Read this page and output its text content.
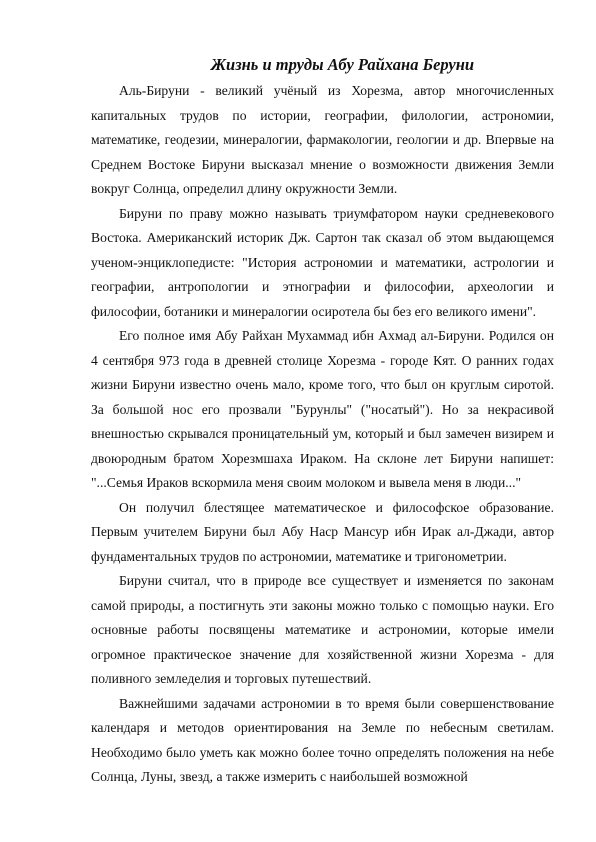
Жизнь и труды Абу Райхана Беруни

Аль-Бируни - великий учёный из Хорезма, автор многочисленных капитальных трудов по истории, географии, филологии, астрономии, математике, геодезии, минералогии, фармакологии, геологии и др. Впервые на Среднем Востоке Бируни высказал мнение о возможности движения Земли вокруг Солнца, определил длину окружности Земли.

Бируни по праву можно называть триумфатором науки средневекового Востока. Американский историк Дж. Сартон так сказал об этом выдающемся ученом-энциклопедисте: "История астрономии и математики, астрологии и географии, антропологии и этнографии и философии, археологии и философии, ботаники и минералогии осиротела бы без его великого имени".

Его полное имя Абу Райхан Мухаммад ибн Ахмад ал-Бируни. Родился он 4 сентября 973 года в древней столице Хорезма - городе Кят. О ранних годах жизни Бируни известно очень мало, кроме того, что был он круглым сиротой. За большой нос его прозвали "Бурунлы" ("носатый"). Но за некрасивой внешностью скрывался проницательный ум, который и был замечен визирем и двоюродным братом Хорезмшаха Ираком. На склоне лет Бируни напишет: "...Семья Ираков вскормила меня своим молоком и вывела меня в люди..."

Он получил блестящее математическое и философское образование. Первым учителем Бируни был Абу Наср Мансур ибн Ирак ал-Джади, автор фундаментальных трудов по астрономии, математике и тригонометрии.

Бируни считал, что в природе все существует и изменяется по законам самой природы, а постигнуть эти законы можно только с помощью науки. Его основные работы посвящены математике и астрономии, которые имели огромное практическое значение для хозяйственной жизни Хорезма - для поливного земледелия и торговых путешествий.

Важнейшими задачами астрономии в то время были совершенствование календаря и методов ориентирования на Земле по небесным светилам. Необходимо было уметь как можно более точно определять положения на небе Солнца, Луны, звезд, а также измерить с наибольшей возможной
